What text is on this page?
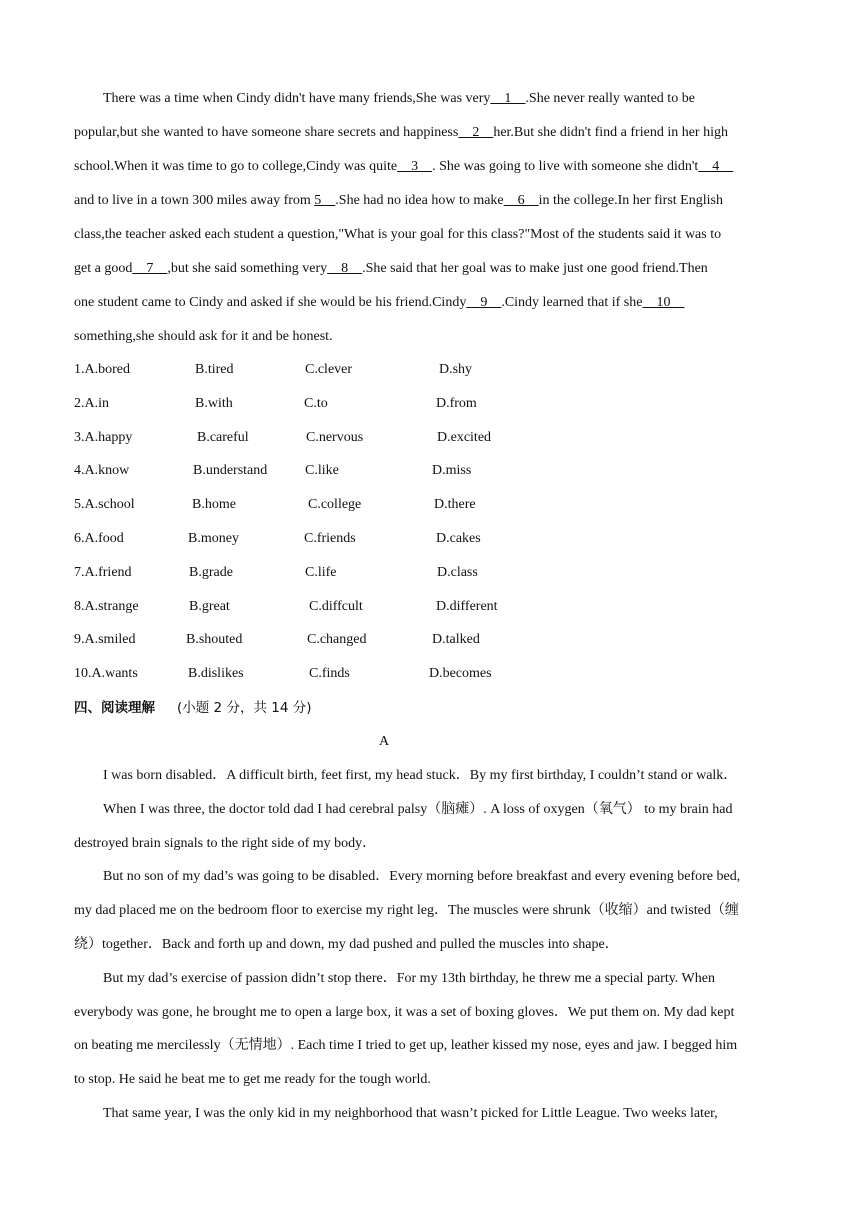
There was a time when Cindy didn't have many friends,She was very    1    .She never really wanted to be
popular,but she wanted to have someone share secrets and happiness    2    her.But she didn't find a friend in her high
school.When it was time to go to college,Cindy was quite    3    . She was going to live with someone she didn't    4
and to live in a town 300 miles away from 5    .She had no idea how to make    6    in the college.In her first English
class,the teacher asked each student a question,"What is your goal for this class?"Most of the students said it was to
get a good    7    ,but she said something very    8    .She said that her goal was to make just one good friend.Then
one student came to Cindy and asked if she would be his friend.Cindy    9    .Cindy learned that if she    10
something,she should ask for it and be honest.
1.A.bored	B.tired	C.clever	D.shy
2.A.in	B.with	C.to	D.from
3.A.happy	B.careful	C.nervous	D.excited
4.A.know	B.understand	C.like	D.miss
5.A.school	B.home	C.college	D.there
6.A.food	B.money	C.friends	D.cakes
7.A.friend	B.grade	C.life	D.class
8.A.strange	B.great	C.diffcult	D.different
9.A.smiled	B.shouted	C.changed	D.talked
10.A.wants	B.dislikes	C.finds	D.becomes
四、阅读理解 (小题 2 分，共 14 分)
A
I was born disabled．A difficult birth, feet first, my head stuck．By my first birthday, I couldn’t stand or walk．
When I was three, the doctor told dad I had cerebral palsy（脑瘫）. A loss of oxygen（氧气） to my brain had
destroyed brain signals to the right side of my body．
But no son of my dad’s was going to be disabled．Every morning before breakfast and every evening before bed,
my dad placed me on the bedroom floor to exercise my right leg．The muscles were shrunk（收缩）and twisted（缠
绕）together．Back and forth up and down, my dad pushed and pulled the muscles into shape．
But my dad’s exercise of passion didn’t stop there．For my 13th birthday, he threw me a special party. When
everybody was gone, he brought me to open a large box, it was a set of boxing gloves．We put them on. My dad kept
on beating me mercilessly（无情地）. Each time I tried to get up, leather kissed my nose, eyes and jaw. I begged him
to stop. He said he beat me to get me ready for the tough world.
That same year, I was the only kid in my neighborhood that wasn’t picked for Little League. Two weeks later,
